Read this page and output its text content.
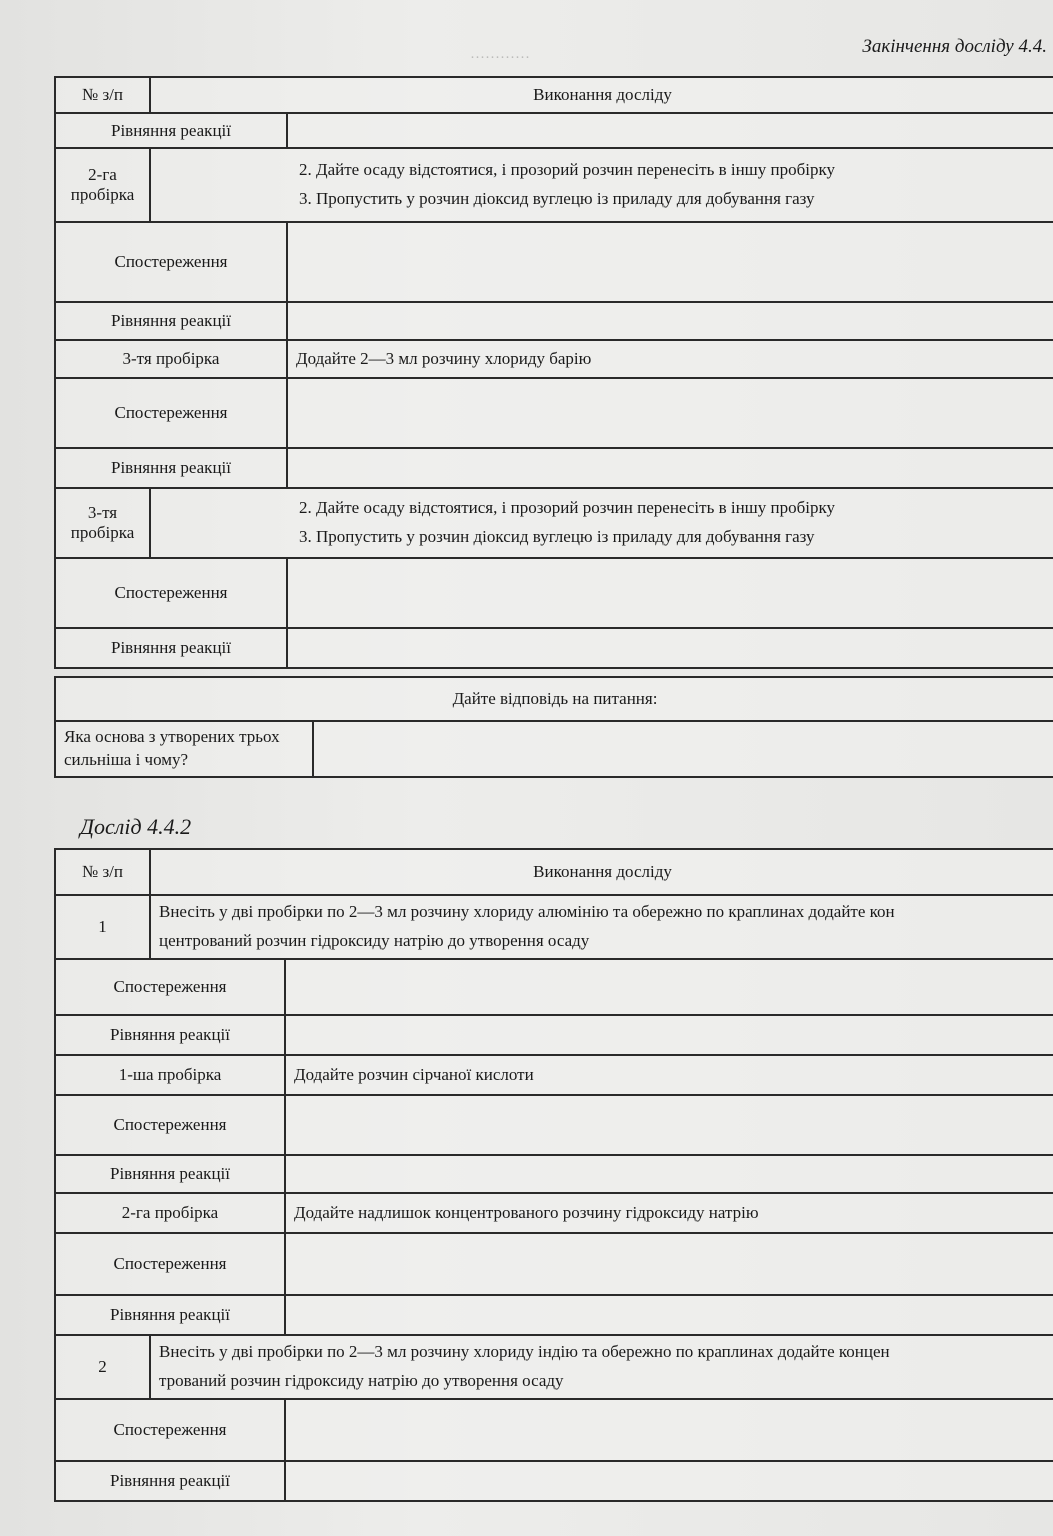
············
Закінчення досліду 4.4.
№ з/п	Виконання досліду	
Рівняння реакції		
2-га пробірка	2. Дайте осаду відстоятися, і прозорий розчин перенесіть в іншу пробірку
3. Пропустить у розчин діоксид вуглецю із приладу для добування газу	

Спостереження		
Рівняння реакції		
3-тя пробірка		Додайте 2—3 мл розчину хлориду барію
Спостереження		
Рівняння реакції		
3-тя пробірка	2. Дайте осаду відстоятися, і прозорий розчин перенесіть в іншу пробірку
3. Пропустить у розчин діоксид вуглецю із приладу для добування газу	

Спостереження		
Рівняння реакції		
Дайте відповідь на питання:
Яка основа з утворених трьох сильніша і чому?	
Дослід 4.4.2
№ з/п	Виконання досліду	
1	Внесіть у дві пробірки по 2—3 мл розчину хлориду алюмінію та обережно по краплинах додайте кон
центрований розчин гідроксиду натрію до утворення осаду	

Спостереження		
Рівняння реакції		
1-ша пробірка		Додайте розчин сірчаної кислоти
Спостереження		
Рівняння реакції		
2-га пробірка		Додайте надлишок концентрованого розчину гідроксиду натрію
Спостереження		
Рівняння реакції		
2	Внесіть у дві пробірки по 2—3 мл розчину хлориду індію та обережно по краплинах додайте концен
трований розчин гідроксиду натрію до утворення осаду	

Спостереження		
Рівняння реакції		
